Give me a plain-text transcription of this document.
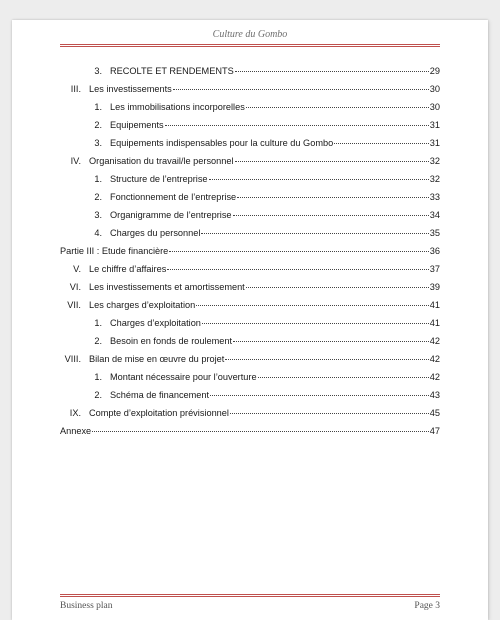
Culture du Gombo
3. RECOLTE ET RENDEMENTS	29
III. Les investissements	30
1. Les immobilisations incorporelles	30
2. Equipements	31
3. Equipements indispensables pour la culture du Gombo	31
IV. Organisation du travail/le personnel	32
1. Structure de l’entreprise	32
2. Fonctionnement de l’entreprise	33
3. Organigramme de l’entreprise	34
4. Charges du personnel	35
Partie III : Etude financière	36
V. Le chiffre d’affaires	37
VI. Les investissements et amortissement	39
VII. Les charges d’exploitation	41
1. Charges d’exploitation	41
2. Besoin en fonds de roulement	42
VIII. Bilan de mise en œuvre du projet	42
1. Montant nécessaire pour l’ouverture	42
2. Schéma de financement	43
IX. Compte d’exploitation prévisionnel	45
Annexe	47
Business plan	Page 3
